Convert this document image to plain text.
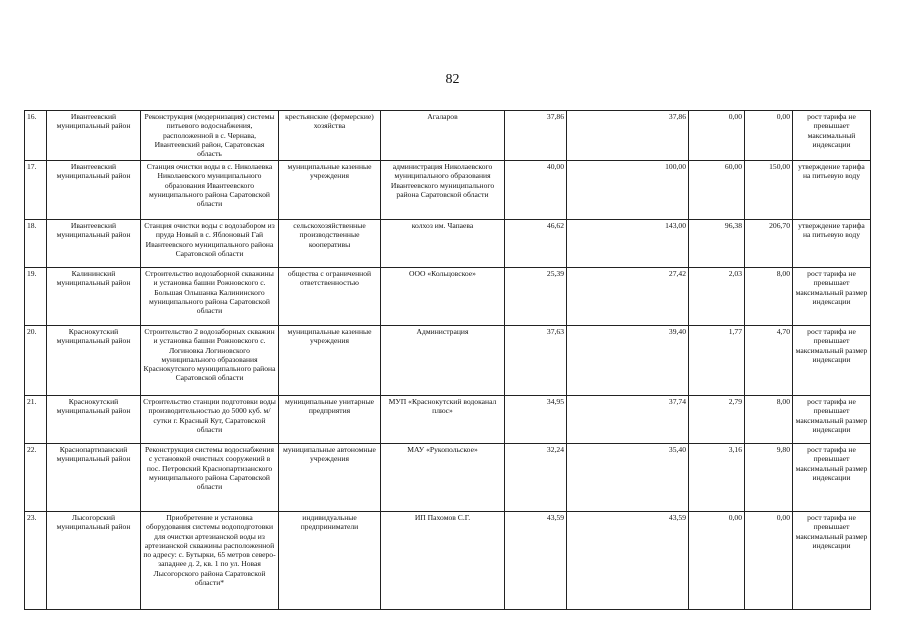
82
16.	Ивантеевский муниципальный район	Реконструкция (модернизация) системы питьевого водоснабжения, расположенной в с. Чернава, Ивантеевский район, Саратовская область	крестьянские (фермерские) хозяйства	Агаларов	37,86	37,86	0,00	0,00	рост тарифа не превышает максимальный индексации
17.	Ивантеевский муниципальный район	Станция очистки воды в с. Николаевка Николаевского муниципального образования Ивантеевского муниципального района Саратовской области	муниципальные казенные учреждения	администрация Николаевского муниципального образования Ивантеевского муниципального района Саратовской области	40,00	100,00	60,00	150,00	утверждение тарифа на питьевую воду
18.	Ивантеевский муниципальный район	Станция очистки воды с водозабором из пруда Новый в с. Яблоновый Гай Ивантеевского муниципального района Саратовской области	сельскохозяйственные производственные кооперативы	колхоз им. Чапаева	46,62	143,00	96,38	206,70	утверждение тарифа на питьевую воду
19.	Калининский муниципальный район	Строительство водозаборной скважины и установка башни Рожновского с. Большая Ольшанка Калининского муниципального района Саратовской области	общества с ограниченной ответственностью	ООО «Кольцовское»	25,39	27,42	2,03	8,00	рост тарифа не превышает максимальный размер индексации
20.	Краснокутский муниципальный район	Строительство 2 водозаборных скважин и установка башни Рожновского с. Логиновка Логиновского муниципального образования Краснокутского муниципального района Саратовской области	муниципальные казенные учреждения	Администрация	37,63	39,40	1,77	4,70	рост тарифа не превышает максимальный размер индексации
21.	Краснокутский муниципальный район	Строительство станции подготовки воды производительностью до 5000 куб. м/сутки г. Красный Кут, Саратовской области	муниципальные унитарные предприятия	МУП «Краснокутский водоканал плюс»	34,95	37,74	2,79	8,00	рост тарифа не превышает максимальный размер индексации
22.	Краснопартизанский муниципальный район	Реконструкция системы водоснабжения с установкой очистных сооружений в пос. Петровский Краснопартизанского муниципального района Саратовской области	муниципальные автономные учреждения	МАУ «Рукопольское»	32,24	35,40	3,16	9,80	рост тарифа не превышает максимальный размер индексации
23.	Лысогорский муниципальный район	Приобретение и установка оборудования системы водоподготовки для очистки артезианской воды из артезианской скважины расположенной по адресу: с. Бутырки, 65 метров северо-западнее д. 2, кв. 1 по ул. Новая Лысогорского района Саратовской области*	индивидуальные предприниматели	ИП Пахомов С.Г.	43,59	43,59	0,00	0,00	рост тарифа не превышает максимальный размер индексации
